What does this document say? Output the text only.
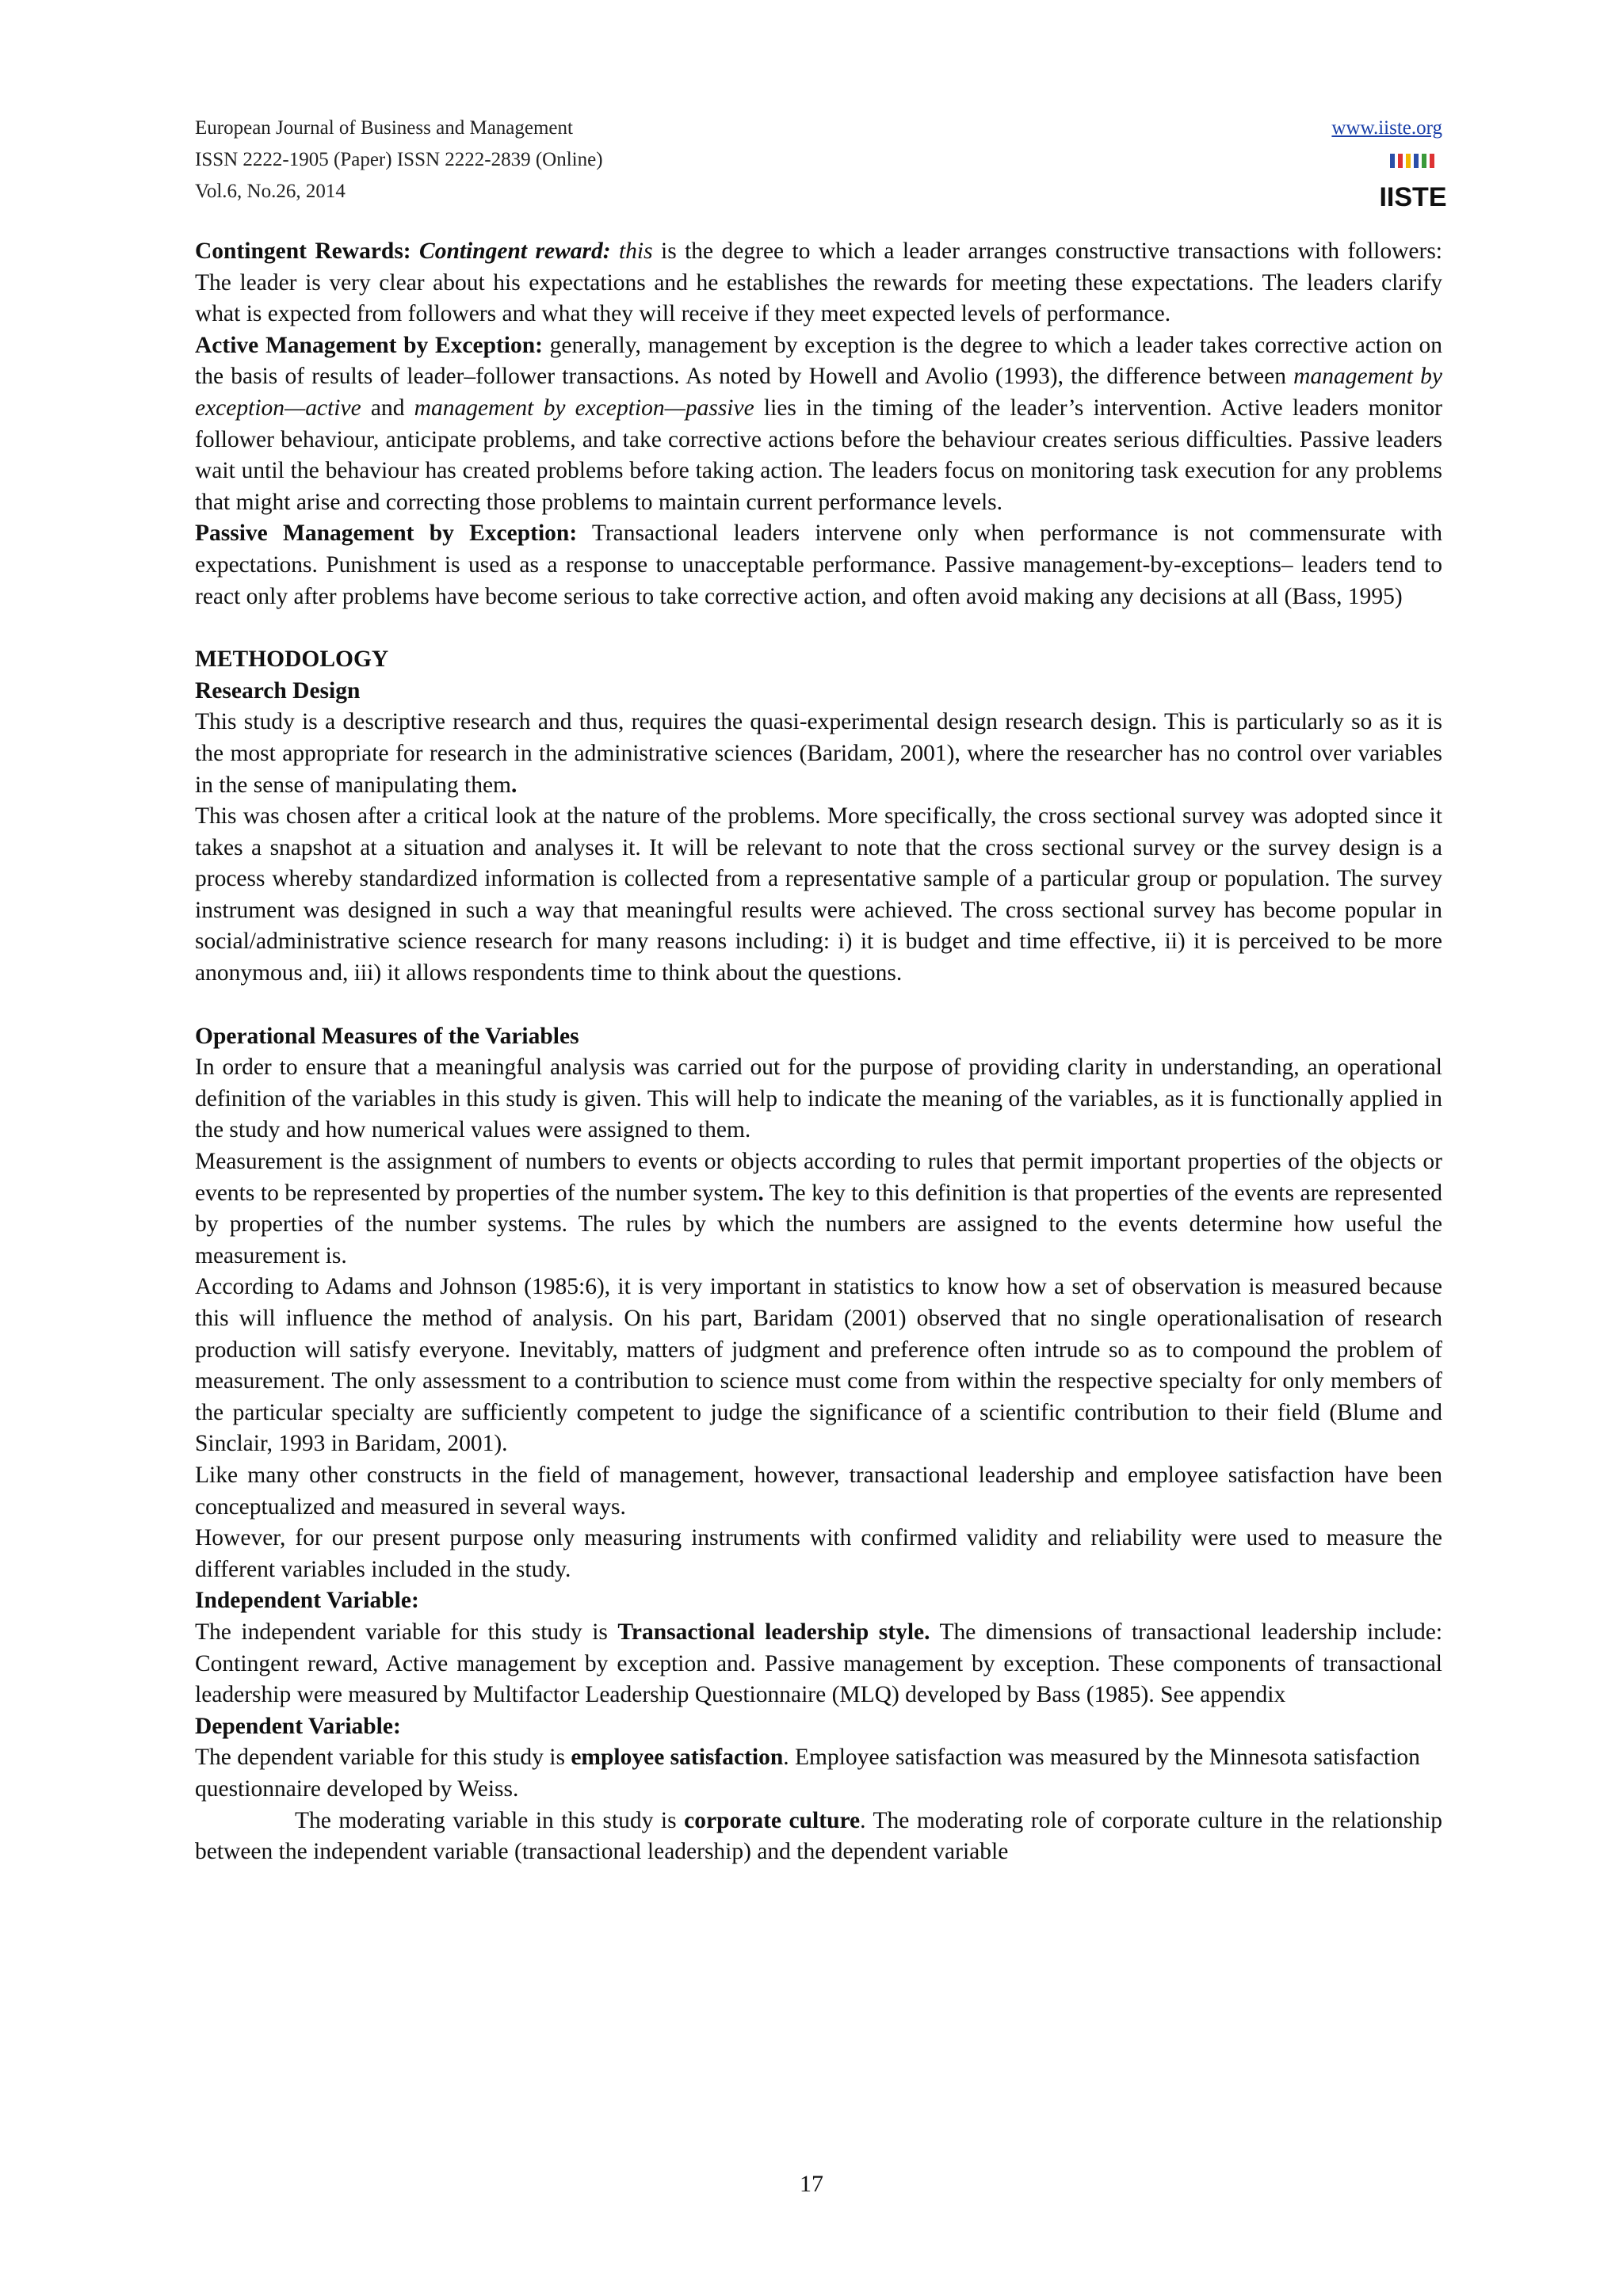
European Journal of Business and Management
ISSN 2222-1905 (Paper) ISSN 2222-2839 (Online)
Vol.6, No.26, 2014
www.iiste.org
IISTE

Contingent Rewards: Contingent reward: this is the degree to which a leader arranges constructive transactions with followers: The leader is very clear about his expectations and he establishes the rewards for meeting these expectations. The leaders clarify what is expected from followers and what they will receive if they meet expected levels of performance.

Active Management by Exception: generally, management by exception is the degree to which a leader takes corrective action on the basis of results of leader–follower transactions. As noted by Howell and Avolio (1993), the difference between management by exception—active and management by exception—passive lies in the timing of the leader’s intervention. Active leaders monitor follower behaviour, anticipate problems, and take corrective actions before the behaviour creates serious difficulties. Passive leaders wait until the behaviour has created problems before taking action. The leaders focus on monitoring task execution for any problems that might arise and correcting those problems to maintain current performance levels.

Passive Management by Exception: Transactional leaders intervene only when performance is not commensurate with expectations. Punishment is used as a response to unacceptable performance. Passive management-by-exceptions– leaders tend to react only after problems have become serious to take corrective action, and often avoid making any decisions at all (Bass, 1995)

METHODOLOGY

Research Design

This study is a descriptive research and thus, requires the quasi-experimental design research design. This is particularly so as it is the most appropriate for research in the administrative sciences (Baridam, 2001), where the researcher has no control over variables in the sense of manipulating them.

This was chosen after a critical look at the nature of the problems. More specifically, the cross sectional survey was adopted since it takes a snapshot at a situation and analyses it. It will be relevant to note that the cross sectional survey or the survey design is a process whereby standardized information is collected from a representative sample of a particular group or population. The survey instrument was designed in such a way that meaningful results were achieved. The cross sectional survey has become popular in social/administrative science research for many reasons including: i) it is budget and time effective, ii) it is perceived to be more anonymous and, iii) it allows respondents time to think about the questions.

Operational Measures of the Variables

In order to ensure that a meaningful analysis was carried out for the purpose of providing clarity in understanding, an operational definition of the variables in this study is given. This will help to indicate the meaning of the variables, as it is functionally applied in the study and how numerical values were assigned to them.

Measurement is the assignment of numbers to events or objects according to rules that permit important properties of the objects or events to be represented by properties of the number system. The key to this definition is that properties of the events are represented by properties of the number systems. The rules by which the numbers are assigned to the events determine how useful the measurement is.

According to Adams and Johnson (1985:6), it is very important in statistics to know how a set of observation is measured because this will influence the method of analysis. On his part, Baridam (2001) observed that no single operationalisation of research production will satisfy everyone. Inevitably, matters of judgment and preference often intrude so as to compound the problem of measurement. The only assessment to a contribution to science must come from within the respective specialty for only members of the particular specialty are sufficiently competent to judge the significance of a scientific contribution to their field (Blume and Sinclair, 1993 in Baridam, 2001).

Like many other constructs in the field of management, however, transactional leadership and employee satisfaction have been conceptualized and measured in several ways.

However, for our present purpose only measuring instruments with confirmed validity and reliability were used to measure the different variables included in the study.

Independent Variable:

The independent variable for this study is Transactional leadership style. The dimensions of transactional leadership include: Contingent reward, Active management by exception and. Passive management by exception. These components of transactional leadership were measured by Multifactor Leadership Questionnaire (MLQ) developed by Bass (1985). See appendix

Dependent Variable:

The dependent variable for this study is employee satisfaction. Employee satisfaction was measured by the Minnesota satisfaction questionnaire developed by Weiss.

The moderating variable in this study is corporate culture. The moderating role of corporate culture in the relationship between the independent variable (transactional leadership) and the dependent variable

17
